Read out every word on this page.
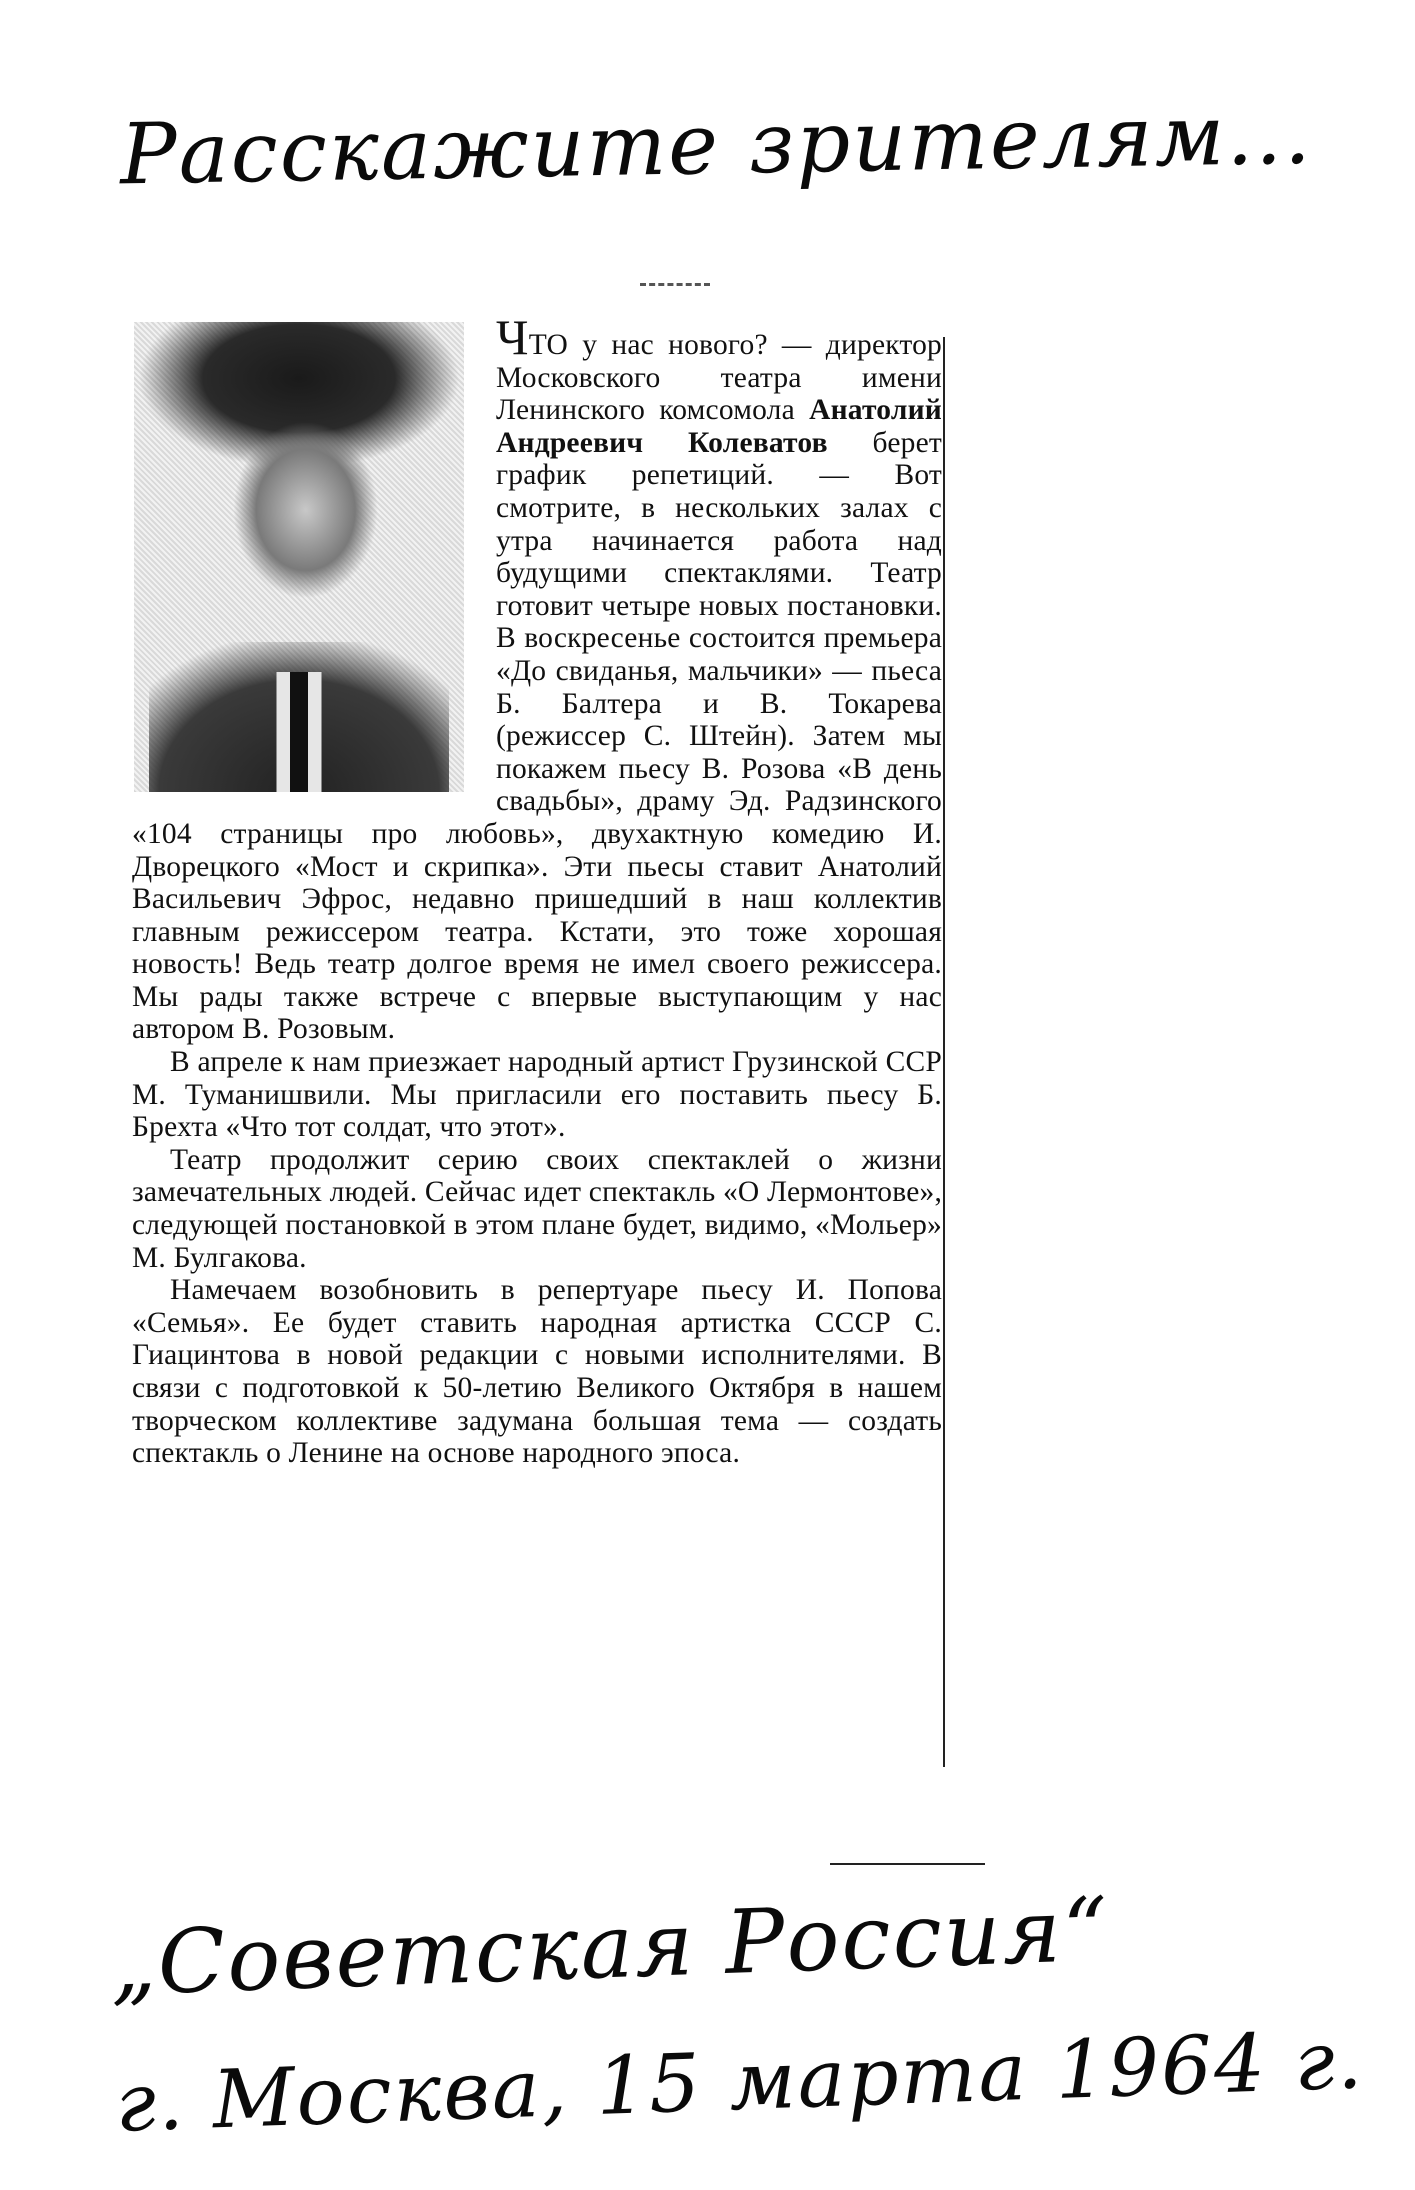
Расскажите зрителям...

ЧТО у нас нового? — директор Московского театра имени Ленинского комсомола Анатолий Андреевич Колеватов берет график репетиций. — Вот смотрите, в нескольких залах с утра начинается работа над будущими спектаклями. Театр готовит четыре новых постановки. В воскресенье состоится премьера «До свиданья, мальчики» — пьеса Б. Балтера и В. Токарева (режиссер С. Штейн). Затем мы покажем пьесу В. Розова «В день свадьбы», драму Эд. Радзинского «104 страницы про любовь», двухактную комедию И. Дворецкого «Мост и скрипка». Эти пьесы ставит Анатолий Васильевич Эфрос, недавно пришедший в наш коллектив главным режиссером театра. Кстати, это тоже хорошая новость! Ведь театр долгое время не имел своего режиссера. Мы рады также встрече с впервые выступающим у нас автором В. Розовым.

В апреле к нам приезжает народный артист Грузинской ССР М. Туманишвили. Мы пригласили его поставить пьесу Б. Брехта «Что тот солдат, что этот».

Театр продолжит серию своих спектаклей о жизни замечательных людей. Сейчас идет спектакль «О Лермонтове», следующей постановкой в этом плане будет, видимо, «Мольер» М. Булгакова.

Намечаем возобновить в репертуаре пьесу И. Попова «Семья». Ее будет ставить народная артистка СССР С. Гиацинтова в новой редакции с новыми исполнителями. В связи с подготовкой к 50-летию Великого Октября в нашем творческом коллективе задумана большая тема — создать спектакль о Ленине на основе народного эпоса.

„Советская Россия“
г. Москва, 15 марта 1964 г.
